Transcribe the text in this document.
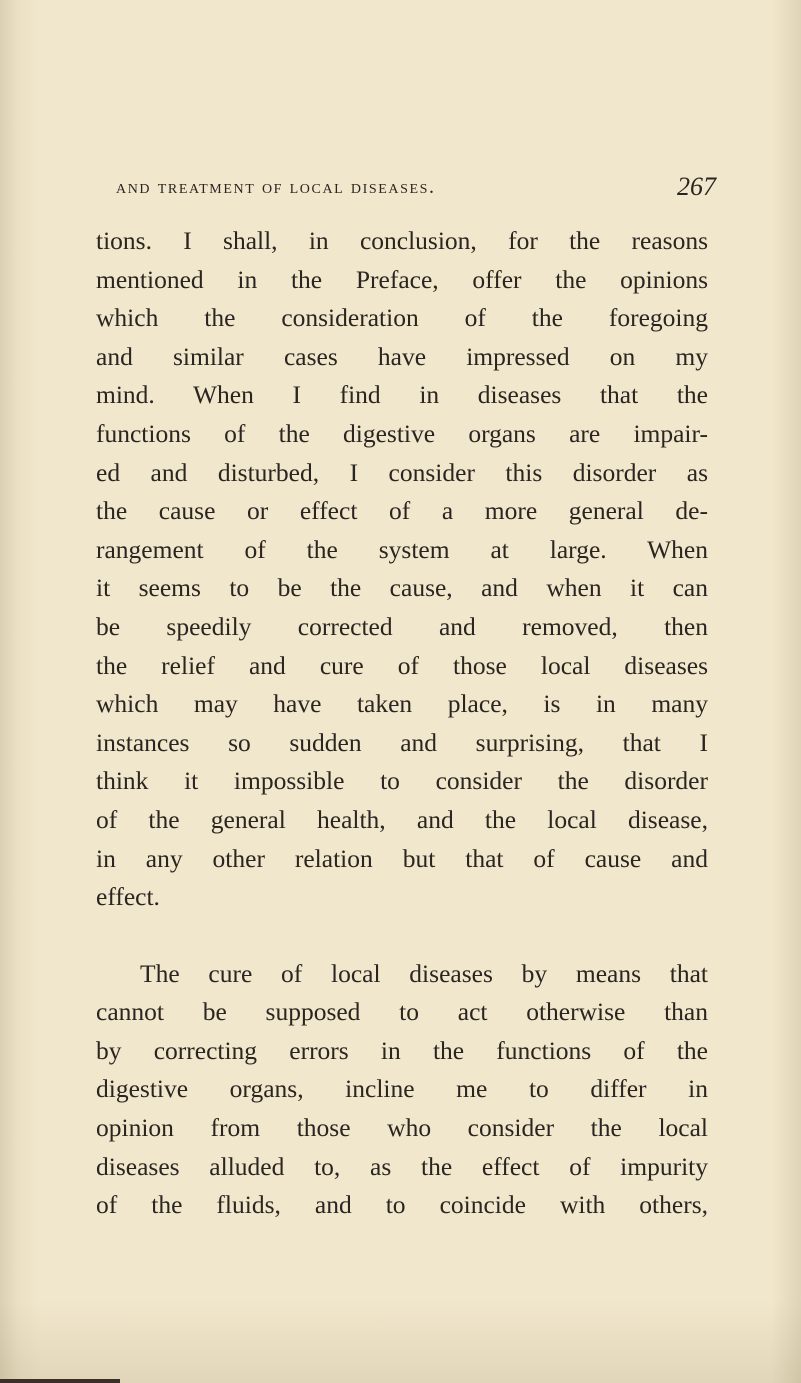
and treatment of local diseases.	267
tions. I shall, in conclusion, for the reasons
mentioned in the Preface, offer the opinions
which the consideration of the foregoing
and similar cases have impressed on my
mind. When I find in diseases that the
functions of the digestive organs are impair-
ed and disturbed, I consider this disorder as
the cause or effect of a more general de-
rangement of the system at large. When
it seems to be the cause, and when it can
be speedily corrected and removed, then
the relief and cure of those local diseases
which may have taken place, is in many
instances so sudden and surprising, that I
think it impossible to consider the disorder
of the general health, and the local disease,
in any other relation but that of cause and
effect.
The cure of local diseases by means that
cannot be supposed to act otherwise than
by correcting errors in the functions of the
digestive organs, incline me to differ in
opinion from those who consider the local
diseases alluded to, as the effect of impurity
of the fluids, and to coincide with others,
